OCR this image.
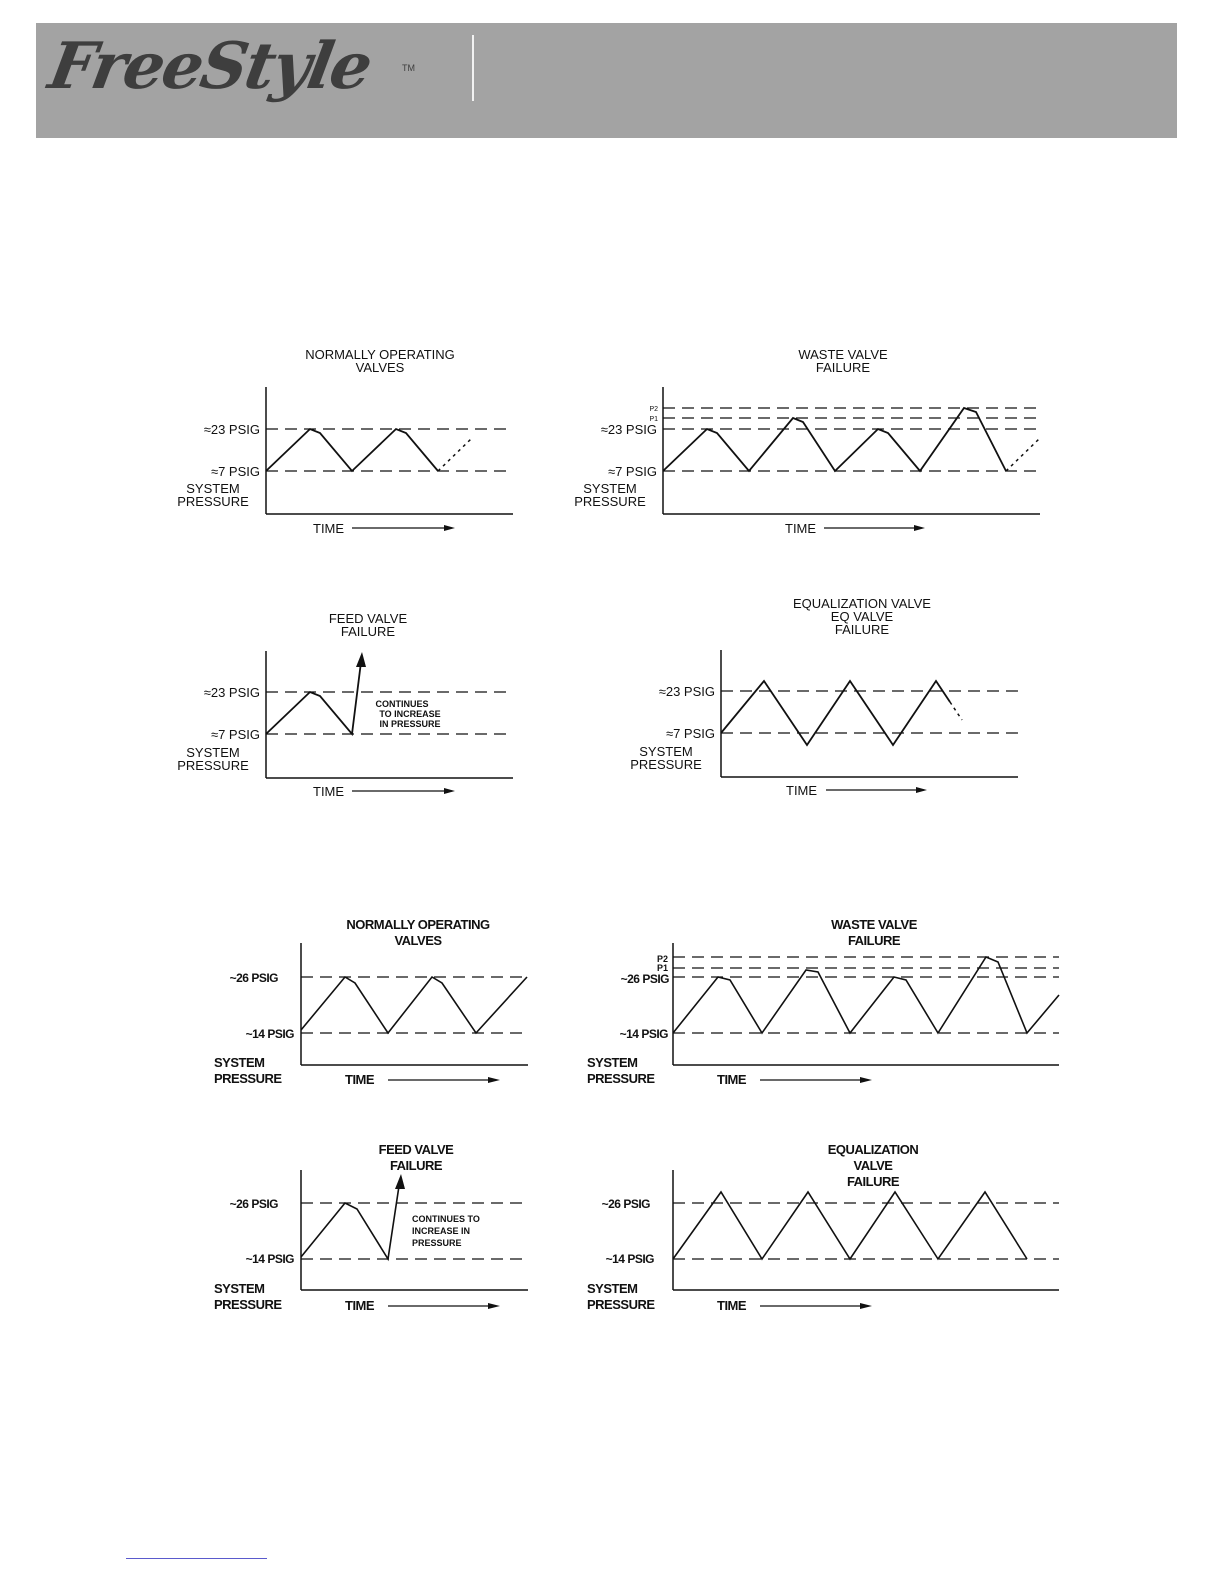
FreeStyle	TM
NORMALLY OPERATING
VALVES
≈23 PSIG
≈7 PSIG
SYSTEM
PRESSURE
TIME
WASTE VALVE
FAILURE
P2
P1
≈23 PSIG
≈7 PSIG
SYSTEM
PRESSURE
TIME
FEED VALVE
FAILURE
≈23 PSIG
≈7 PSIG
SYSTEM
PRESSURE
CONTINUES
TO INCREASE
IN PRESSURE
TIME
EQUALIZATION VALVE
EQ VALVE
FAILURE
≈23 PSIG
≈7 PSIG
SYSTEM
PRESSURE
TIME
NORMALLY OPERATING
VALVES
~26 PSIG
~14 PSIG
SYSTEM
PRESSURE	TIME
WASTE VALVE
FAILURE
P2
P1
~26 PSIG
~14 PSIG
SYSTEM
PRESSURE	TIME
FEED VALVE
FAILURE
~26 PSIG
~14 PSIG
SYSTEM
PRESSURE
CONTINUES TO
INCREASE IN
PRESSURE
TIME
EQUALIZATION
VALVE
FAILURE
~26 PSIG
~14 PSIG
SYSTEM
PRESSURE	TIME
